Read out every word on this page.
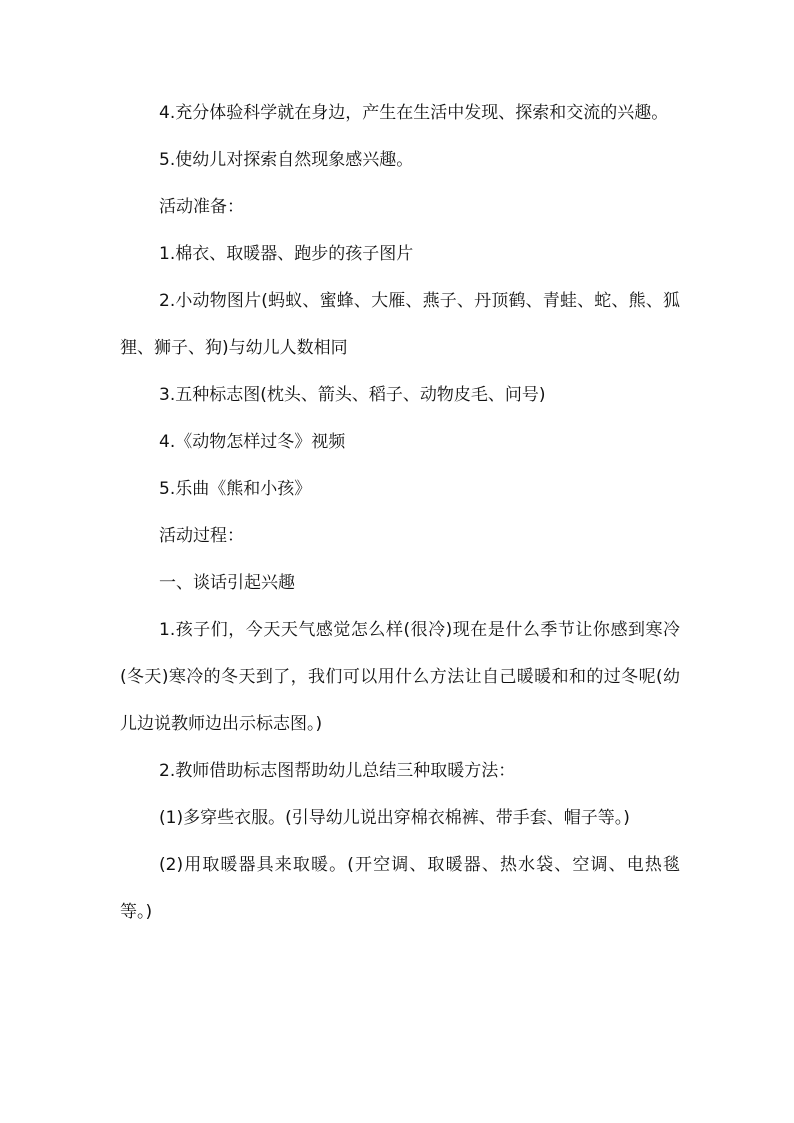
4.充分体验科学就在身边，产生在生活中发现、探索和交流的兴趣。

5.使幼儿对探索自然现象感兴趣。

活动准备：

1.棉衣、取暖器、跑步的孩子图片

2.小动物图片(蚂蚁、蜜蜂、大雁、燕子、丹顶鹤、青蛙、蛇、熊、狐狸、狮子、狗)与幼儿人数相同

3.五种标志图(枕头、箭头、稻子、动物皮毛、问号)

4.《动物怎样过冬》视频

5.乐曲《熊和小孩》

活动过程：

一、谈话引起兴趣

1.孩子们，今天天气感觉怎么样(很冷)现在是什么季节让你感到寒冷(冬天)寒冷的冬天到了，我们可以用什么方法让自己暖暖和和的过冬呢(幼儿边说教师边出示标志图。)

2.教师借助标志图帮助幼儿总结三种取暖方法：

(1)多穿些衣服。(引导幼儿说出穿棉衣棉裤、带手套、帽子等。)

(2)用取暖器具来取暖。(开空调、取暖器、热水袋、空调、电热毯等。)
